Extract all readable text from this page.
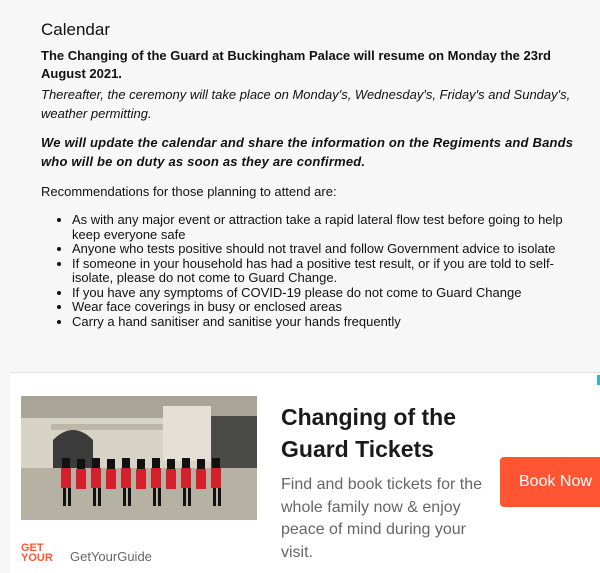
Calendar

The Changing of the Guard at Buckingham Palace will resume on Monday the 23rd August 2021.

Thereafter, the ceremony will take place on Monday's, Wednesday's, Friday's and Sunday's, weather permitting.

We will update the calendar and share the information on the Regiments and Bands who will be on duty as soon as they are confirmed.

Recommendations for those planning to attend are:

• As with any major event or attraction take a rapid lateral flow test before going to help keep everyone safe
• Anyone who tests positive should not travel and follow Government advice to isolate
• If someone in your household has had a positive test result, or if you are told to self-isolate, please do not come to Guard Change.
• If you have any symptoms of COVID-19 please do not come to Guard Change
• Wear face coverings in busy or enclosed areas
• Carry a hand sanitiser and sanitise your hands frequently
GET YOUR	GetYourGuide
Changing of the Guard Tickets

Find and book tickets for the whole family now & enjoy peace of mind during your visit.

Book Now
